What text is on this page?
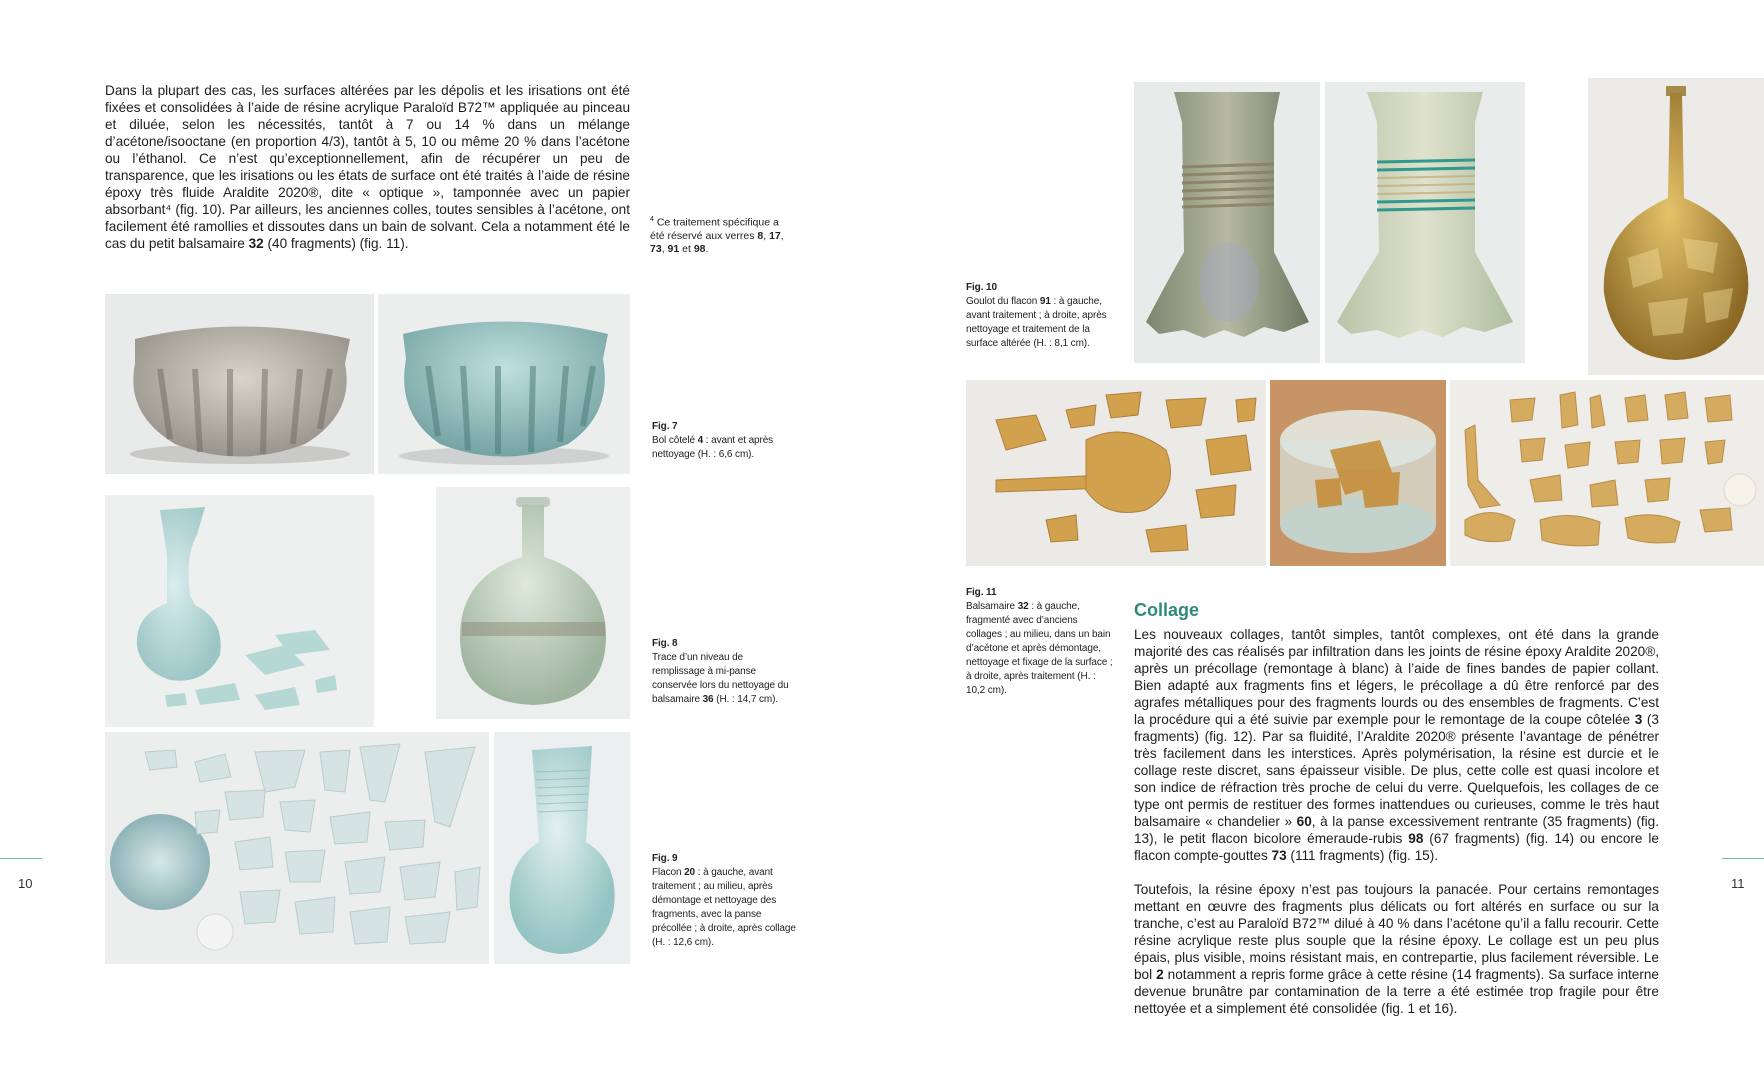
Dans la plupart des cas, les surfaces altérées par les dépolis et les irisations ont été fixées et consolidées à l’aide de résine acrylique Paraloïd B72™ appliquée au pinceau et diluée, selon les nécessités, tantôt à 7 ou 14 % dans un mélange d’acétone/isooctane (en proportion 4/3), tantôt à 5, 10 ou même 20 % dans l’acétone ou l’éthanol. Ce n’est qu’exceptionnellement, afin de récupérer un peu de transparence, que les irisations ou les états de surface ont été traités à l’aide de résine époxy très fluide Araldite 2020®, dite « optique », tamponnée avec un papier absorbant⁴ (fig. 10). Par ailleurs, les anciennes colles, toutes sensibles à l’acétone, ont facilement été ramollies et dissoutes dans un bain de solvant. Cela a notamment été le cas du petit balsamaire 32 (40 fragments) (fig. 11).

$^4$ Ce traitement spécifique a été réservé aux verres 8, 17, 73, 91 et 98.
Fig. 7
Bol côtelé 4 : avant et après nettoyage (H. : 6,6 cm).
Fig. 8
Trace d’un niveau de remplissage à mi-panse conservée lors du nettoyage du balsamaire 36 (H. : 14,7 cm).
Fig. 9
Flacon 20 : à gauche, avant traitement ; au milieu, après démontage et nettoyage des fragments, avec la panse précollée ; à droite, après collage (H. : 12,6 cm).
10
Fig. 10
Goulot du flacon 91 : à gauche, avant traitement ; à droite, après nettoyage et traitement de la surface altérée (H. : 8,1 cm).
Fig. 11
Balsamaire 32 : à gauche, fragmenté avec d’anciens collages ; au milieu, dans un bain d’acétone et après démontage, nettoyage et fixage de la surface ; à droite, après traitement (H. : 10,2 cm).
Collage

Les nouveaux collages, tantôt simples, tantôt complexes, ont été dans la grande majorité des cas réalisés par infiltration dans les joints de résine époxy Araldite 2020®, après un précollage (remontage à blanc) à l’aide de fines bandes de papier collant. Bien adapté aux fragments fins et légers, le précollage a dû être renforcé par des agrafes métalliques pour des fragments lourds ou des ensembles de fragments. C’est la procédure qui a été suivie par exemple pour le remontage de la coupe côtelée 3 (3 fragments) (fig. 12). Par sa fluidité, l’Araldite 2020® présente l’avantage de pénétrer très facilement dans les interstices. Après polymérisation, la résine est durcie et le collage reste discret, sans épaisseur visible. De plus, cette colle est quasi incolore et son indice de réfraction très proche de celui du verre. Quelquefois, les collages de ce type ont permis de restituer des formes inattendues ou curieuses, comme le très haut balsamaire « chandelier » 60, à la panse excessivement rentrante (35 fragments) (fig. 13), le petit flacon bicolore émeraude-rubis 98 (67 fragments) (fig. 14) ou encore le flacon compte-gouttes 73 (111 fragments) (fig. 15).

Toutefois, la résine époxy n’est pas toujours la panacée. Pour certains remontages mettant en œuvre des fragments plus délicats ou fort altérés en surface ou sur la tranche, c’est au Paraloïd B72™ dilué à 40 % dans l’acétone qu’il a fallu recourir. Cette résine acrylique reste plus souple que la résine époxy. Le collage est un peu plus épais, plus visible, moins résistant mais, en contrepartie, plus facilement réversible. Le bol 2 notamment a repris forme grâce à cette résine (14 fragments). Sa surface interne devenue brunâtre par contamination de la terre a été estimée trop fragile pour être nettoyée et a simplement été consolidée (fig. 1 et 16).

11
